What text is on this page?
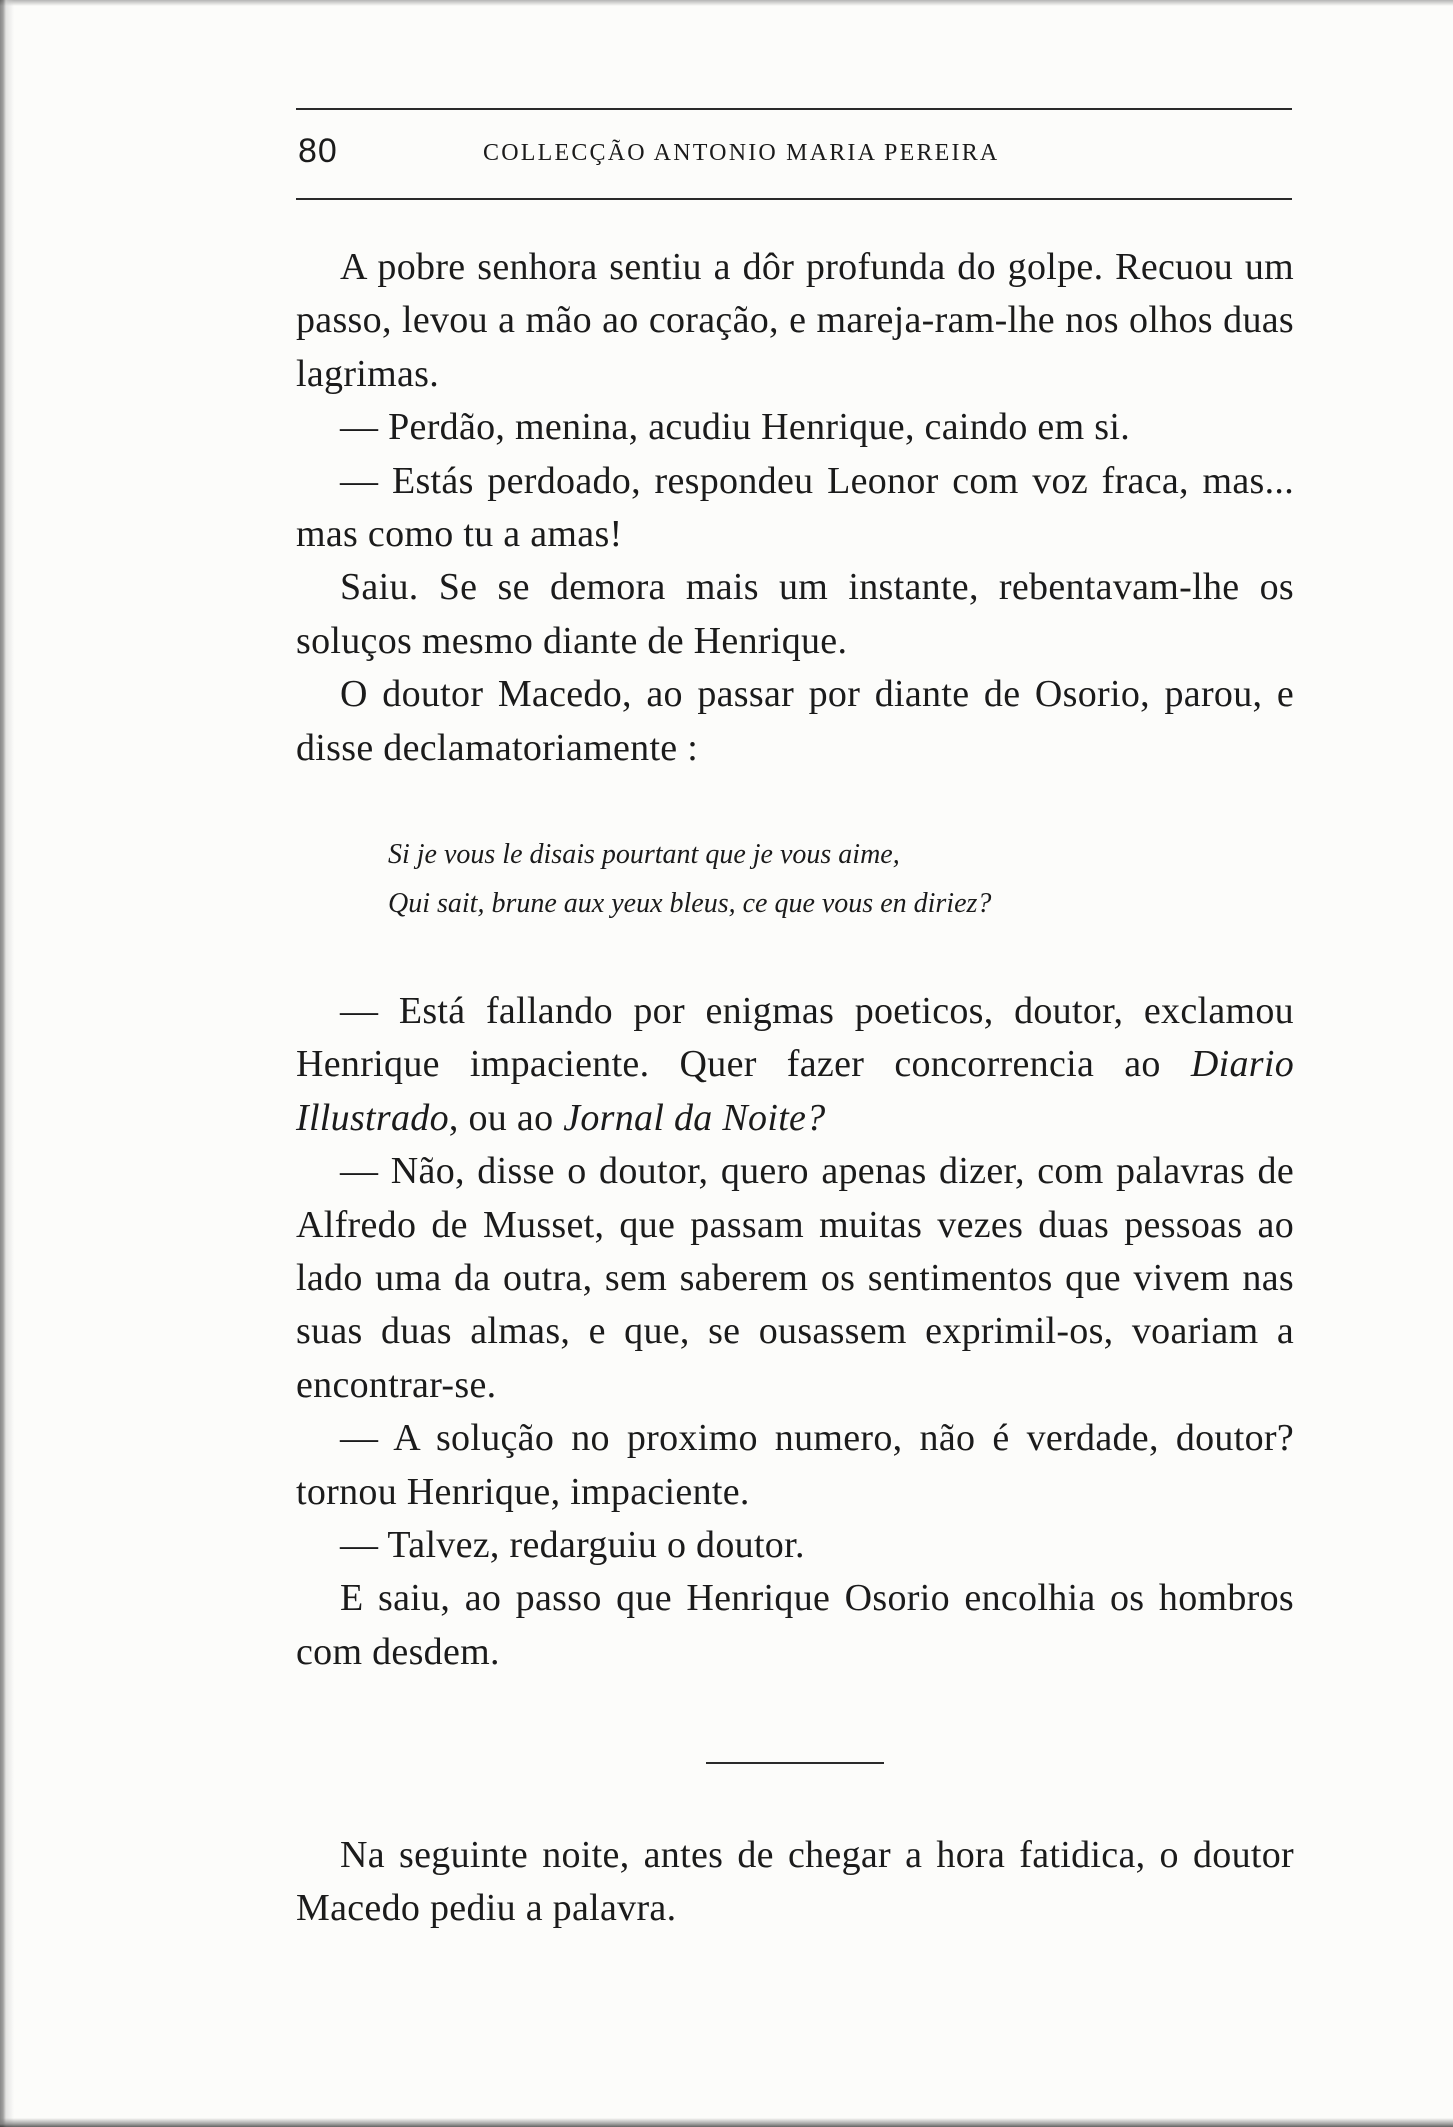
80	COLLECÇÃO ANTONIO MARIA PEREIRA
A pobre senhora sentiu a dôr profunda do golpe. Recuou um passo, levou a mão ao coração, e mareja-ram-lhe nos olhos duas lagrimas.
— Perdão, menina, acudiu Henrique, caindo em si.
— Estás perdoado, respondeu Leonor com voz fraca, mas... mas como tu a amas!
Saiu. Se se demora mais um instante, rebentavam-lhe os soluços mesmo diante de Henrique.
O doutor Macedo, ao passar por diante de Osorio, parou, e disse declamatoriamente :
Si je vous le disais pourtant que je vous aime,
Qui sait, brune aux yeux bleus, ce que vous en diriez?
— Está fallando por enigmas poeticos, doutor, exclamou Henrique impaciente. Quer fazer concorrencia ao Diario Illustrado, ou ao Jornal da Noite?
— Não, disse o doutor, quero apenas dizer, com palavras de Alfredo de Musset, que passam muitas vezes duas pessoas ao lado uma da outra, sem saberem os sentimentos que vivem nas suas duas almas, e que, se ousassem exprimil-os, voariam a encontrar-se.
— A solução no proximo numero, não é verdade, doutor? tornou Henrique, impaciente.
— Talvez, redarguiu o doutor.
E saiu, ao passo que Henrique Osorio encolhia os hombros com desdem.
Na seguinte noite, antes de chegar a hora fatidica, o doutor Macedo pediu a palavra.
